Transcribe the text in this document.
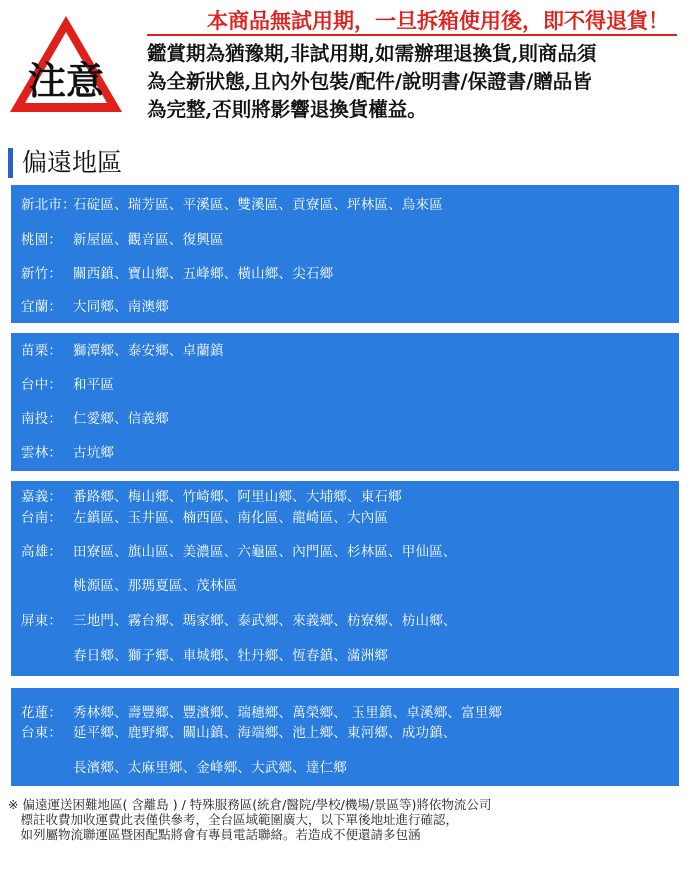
注意
本商品無試用期，一旦拆箱使用後，即不得退貨！
鑑賞期為猶豫期,非試用期,如需辦理退換貨,則商品須
為全新狀態,且內外包裝/配件/說明書/保證書/贈品皆
為完整,否則將影響退換貨權益。
偏遠地區
新北市：石碇區、瑞芳區、平溪區、雙溪區、貢寮區、坪林區、烏來區
桃園： 新屋區、觀音區、復興區
新竹： 關西鎮、寶山鄉、五峰鄉、橫山鄉、尖石鄉
宜蘭： 大同鄉、南澳鄉
苗栗： 獅潭鄉、泰安鄉、卓蘭鎮
台中： 和平區
南投： 仁愛鄉、信義鄉
雲林： 古坑鄉
嘉義： 番路鄉、梅山鄉、竹崎鄉、阿里山鄉、大埔鄉、東石鄉
台南： 左鎮區、玉井區、楠西區、南化區、龍崎區、大內區
高雄： 田寮區、旗山區、美濃區、六龜區、內門區、杉林區、甲仙區、
桃源區、那瑪夏區、茂林區
屏東： 三地門、霧台鄉、瑪家鄉、泰武鄉、來義鄉、枋寮鄉、枋山鄉、
春日鄉、獅子鄉、車城鄉、牡丹鄉、恆春鎮、滿洲鄉
花蓮： 秀林鄉、壽豐鄉、豐濱鄉、瑞穗鄉、萬榮鄉、 玉里鎮、卓溪鄉、富里鄉
台東： 延平鄉、鹿野鄉、關山鎮、海端鄉、池上鄉、東河鄉、成功鎮、
長濱鄉、太麻里鄉、金峰鄉、大武鄉、達仁鄉
※ 偏遠運送困難地區( 含離島 ) / 特殊服務區(統倉/醫院/學校/機場/景區等)將依物流公司
　標註收費加收運費此表僅供參考，全台區域範圍廣大，以下單後地址進行確認，
　如列屬物流聯運區暨困配點將會有專員電話聯絡。若造成不便還請多包涵
